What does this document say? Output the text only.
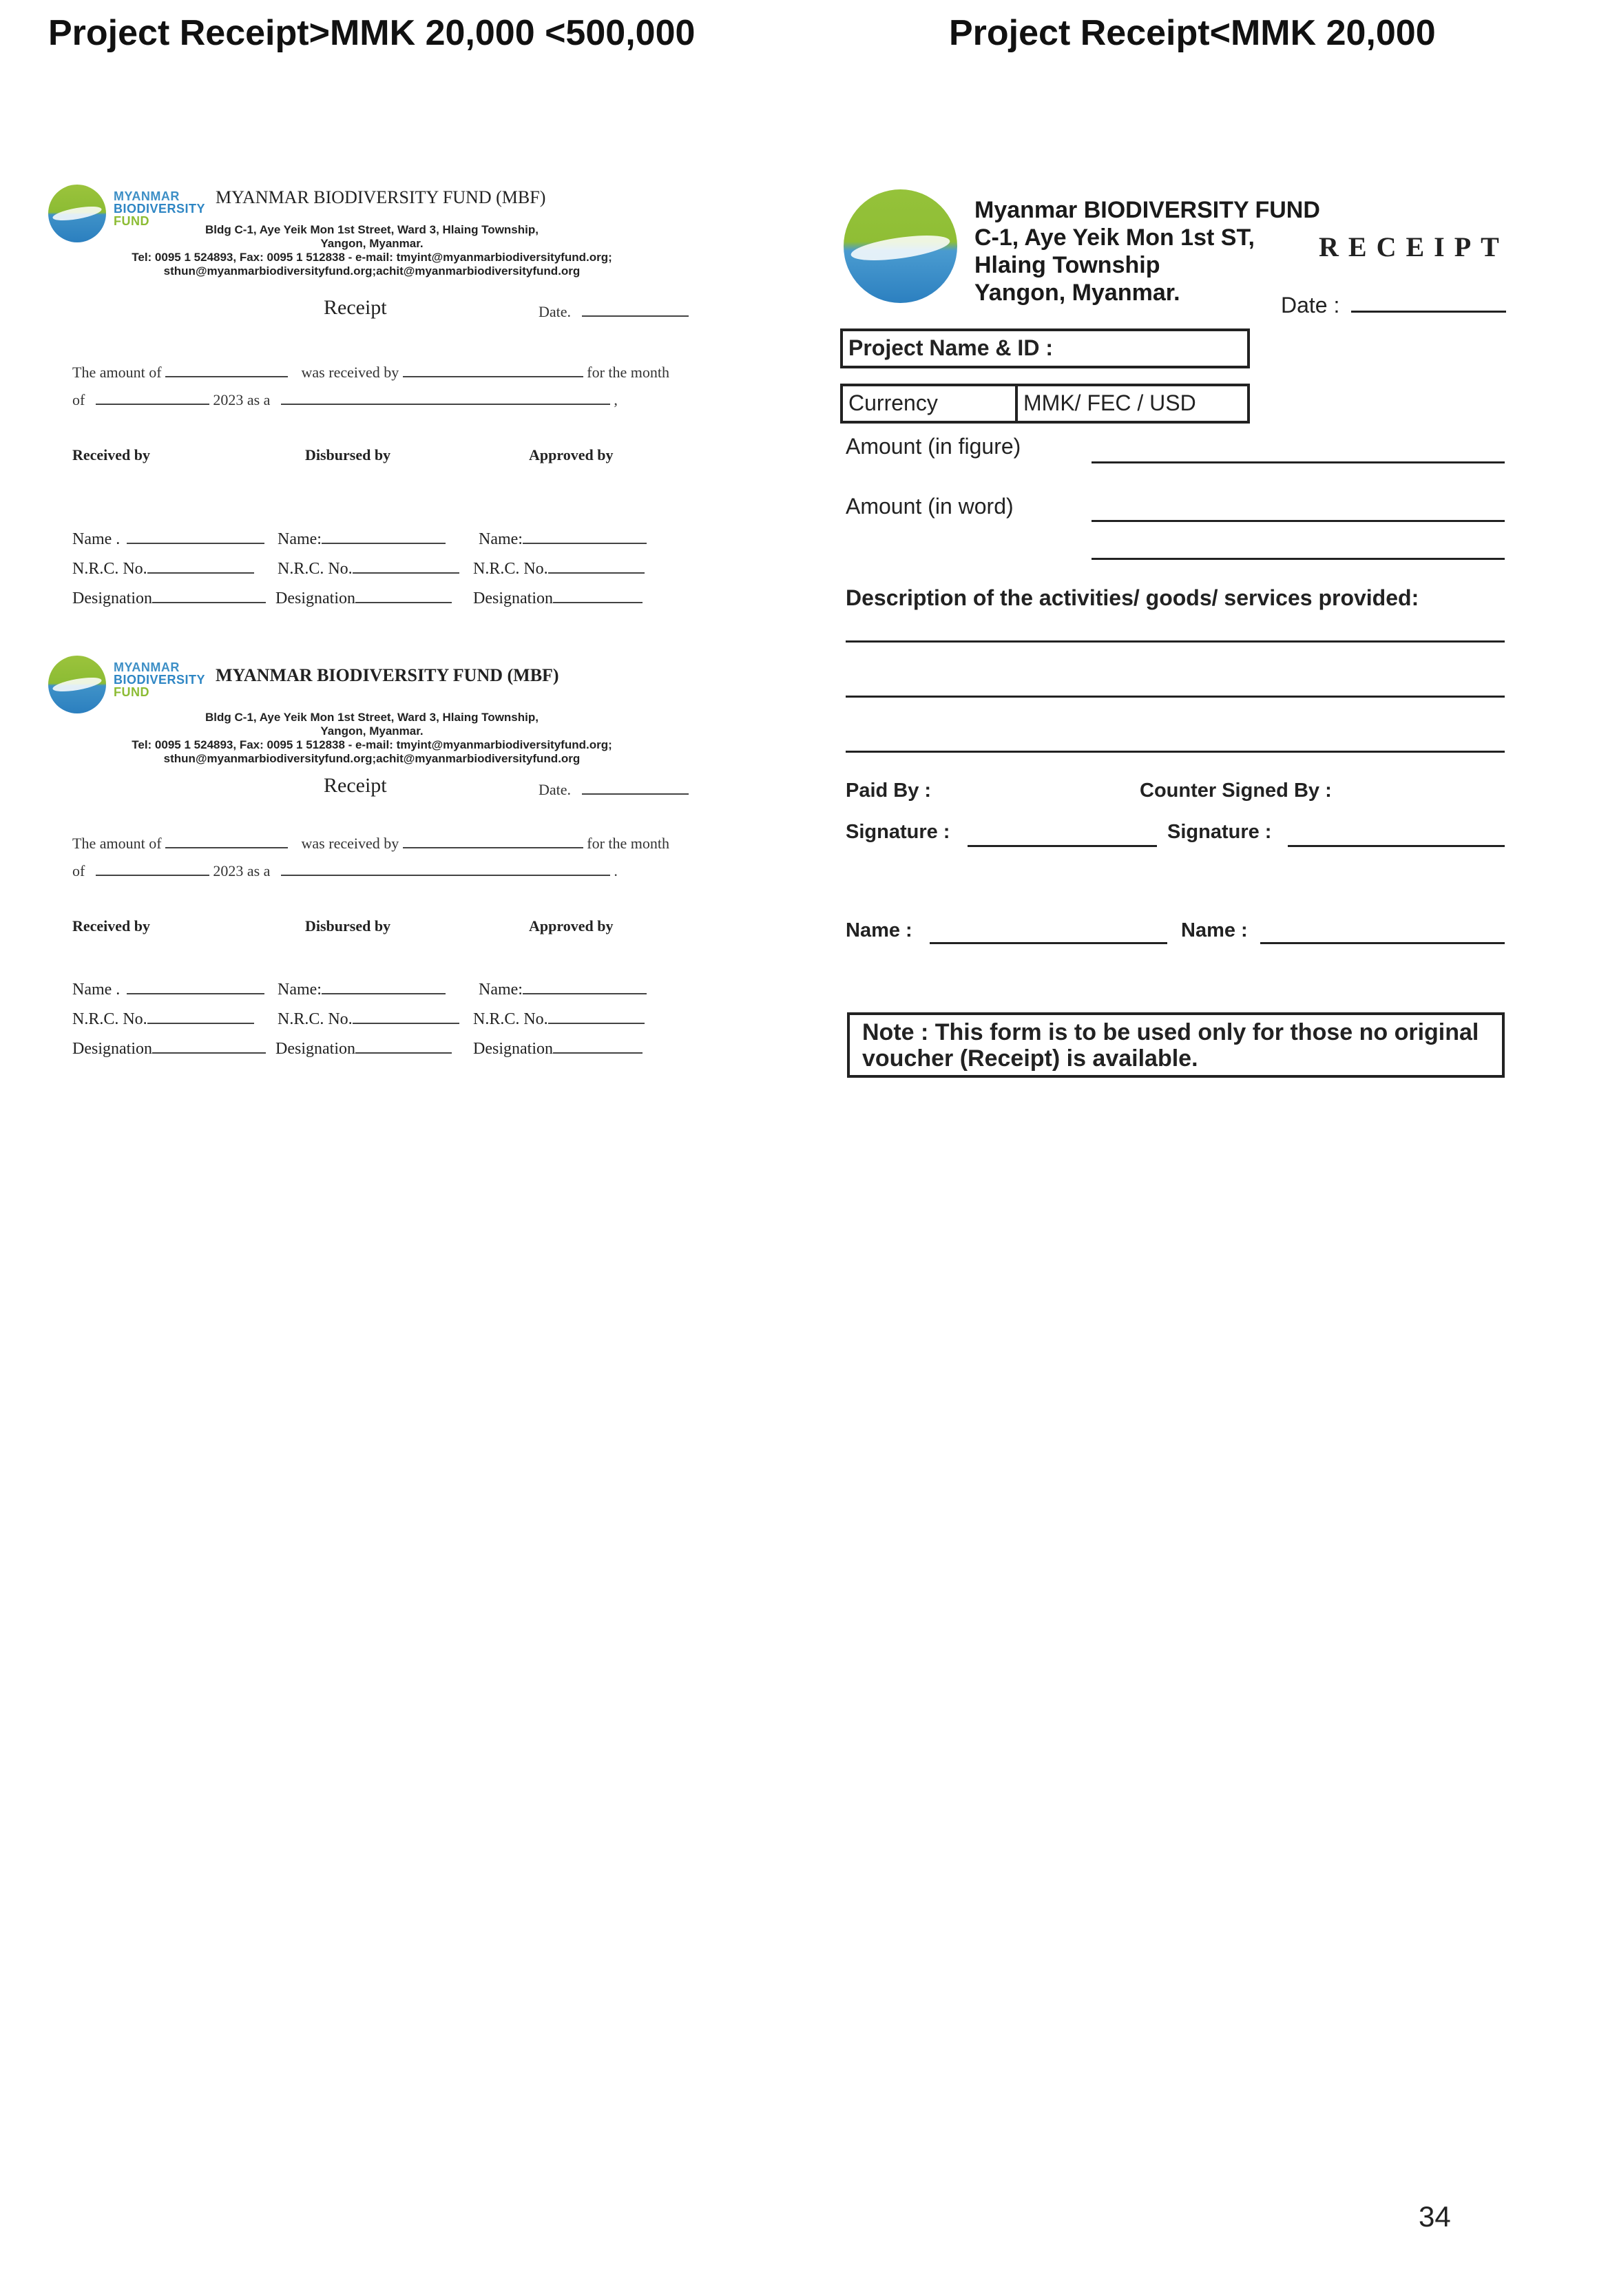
Project Receipt>MMK 20,000 <500,000	Project Receipt<MMK 20,000
MYANMAR
BIODIVERSITY
FUND
MYANMAR BIODIVERSITY FUND (MBF)
Bldg C-1, Aye Yeik Mon 1st Street, Ward 3, Hlaing Township,
Yangon, Myanmar.
Tel: 0095 1 524893, Fax: 0095 1 512838 - e-mail: tmyint@myanmarbiodiversityfund.org;
sthun@myanmarbiodiversityfund.org;achit@myanmarbiodiversityfund.org
Receipt	Date.
The amount of	was received by	for the month
of	2023 as a	,
Received by	Disbursed by	Approved by
Name .	Name:	Name:
N.R.C. No.	N.R.C. No.	N.R.C. No.
Designation	Designation	Designation
MYANMAR
BIODIVERSITY
FUND
MYANMAR BIODIVERSITY FUND (MBF)
Bldg C-1, Aye Yeik Mon 1st Street, Ward 3, Hlaing Township,
Yangon, Myanmar.
Tel: 0095 1 524893, Fax: 0095 1 512838 - e-mail: tmyint@myanmarbiodiversityfund.org;
sthun@myanmarbiodiversityfund.org;achit@myanmarbiodiversityfund.org
Receipt	Date.
The amount of	was received by	for the month
of	2023 as a	.
Received by	Disbursed by	Approved by
Name .	Name:	Name:
N.R.C. No.	N.R.C. No.	N.R.C. No.
Designation	Designation	Designation
Myanmar BIODIVERSITY FUND
C-1, Aye Yeik Mon 1st ST,
Hlaing Township
Yangon, Myanmar.
RECEIPT
Date :
Project Name & ID :
Currency	MMK/ FEC / USD
Amount (in figure)
Amount (in word)
Description of the activities/ goods/ services provided:
Paid By :	Counter Signed By :
Signature :	Signature :
Name :	Name :
Note : This form is to be used only for those no original voucher (Receipt) is available.
34
